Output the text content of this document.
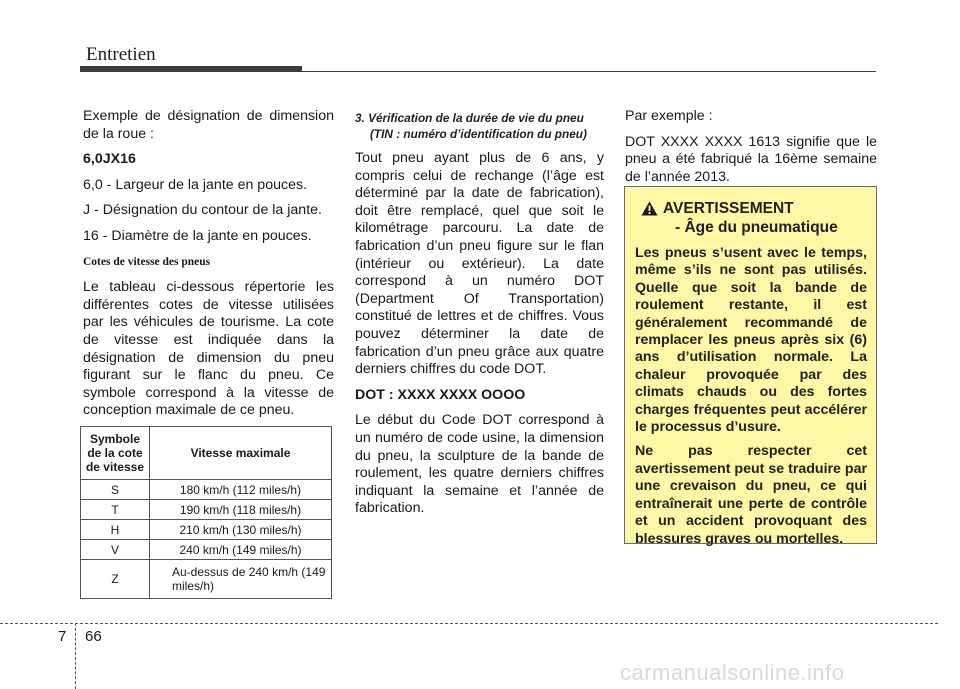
Entretien

Exemple de désignation de dimension de la roue :

6,0JX16

6,0 - Largeur de la jante en pouces.

J - Désignation du contour de la jante.

16 - Diamètre de la jante en pouces.

Cotes de vitesse des pneus

Le tableau ci-dessous répertorie les différentes cotes de vitesse utilisées par les véhicules de tourisme. La cote de vitesse est indiquée dans la désignation de dimension du pneu figurant sur le flanc du pneu. Ce symbole correspond à la vitesse de conception maximale de ce pneu.

Symbole de la cote de vitesse	Vitesse maximale
S	180 km/h (112 miles/h)
T	190 km/h (118 miles/h)
H	210 km/h (130 miles/h)
V	240 km/h (149 miles/h)
Z	Au-dessus de 240 km/h (149 miles/h)

3. Vérification de la durée de vie du pneu (TIN : numéro d’identification du pneu)

Tout pneu ayant plus de 6 ans, y compris celui de rechange (l’âge est déterminé par la date de fabrication), doit être remplacé, quel que soit le kilométrage parcouru. La date de fabrication d’un pneu figure sur le flan (intérieur ou extérieur). La date correspond à un numéro DOT (Department Of Transportation) constitué de lettres et de chiffres. Vous pouvez déterminer la date de fabrication d’un pneu grâce aux quatre derniers chiffres du code DOT.

DOT : XXXX XXXX OOOO

Le début du Code DOT correspond à un numéro de code usine, la dimension du pneu, la sculpture de la bande de roulement, les quatre derniers chiffres indiquant la semaine et l’année de fabrication.

Par exemple :

DOT XXXX XXXX 1613 signifie que le pneu a été fabriqué la 16ème semaine de l’année 2013.

AVERTISSEMENT
- Âge du pneumatique

Les pneus s’usent avec le temps, même s’ils ne sont pas utilisés. Quelle que soit la bande de roulement restante, il est généralement recommandé de remplacer les pneus après six (6) ans d’utilisation normale. La chaleur provoquée par des climats chauds ou des fortes charges fréquentes peut accélérer le processus d’usure.

Ne pas respecter cet avertissement peut se traduire par une crevaison du pneu, ce qui entraînerait une perte de contrôle et un accident provoquant des blessures graves ou mortelles.

7 66
carmanualsonline.info
